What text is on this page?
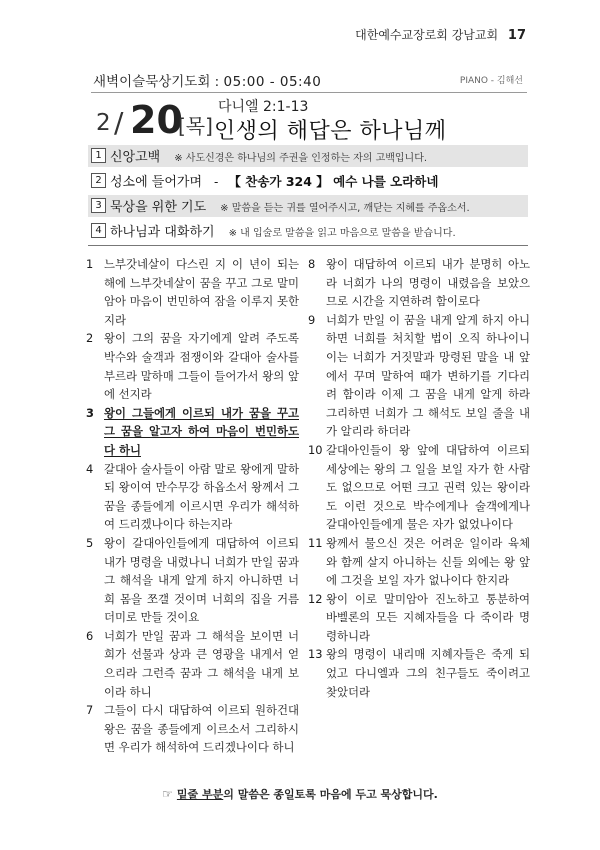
대한예수교장로회 강남교회 17
새벽이슬묵상기도회 : 05:00 - 05:40	PIANO - 김해선
2 / 20
[목]
다니엘 2:1-13
인생의 해답은 하나님께
1 신앙고백 ※ 사도신경은 하나님의 주권을 인정하는 자의 고백입니다.
2 성소에 들어가며 - 【 찬송가 324 】 예수 나를 오라하네
3 묵상을 위한 기도 ※ 말씀을 듣는 귀를 열어주시고, 깨닫는 지혜를 주옵소서.
4 하나님과 대화하기 ※ 내 입술로 말씀을 읽고 마음으로 말씀을 받습니다.
1 느부갓네살이 다스린 지 이 년이 되는 해에 느부갓네살이 꿈을 꾸고 그로 말미암아 마음이 번민하여 잠을 이루지 못한지라
2 왕이 그의 꿈을 자기에게 알려 주도록 박수와 술객과 점쟁이와 갈대아 술사를 부르라 말하매 그들이 들어가서 왕의 앞에 선지라
3 왕이 그들에게 이르되 내가 꿈을 꾸고 그 꿈을 알고자 하여 마음이 번민하도다 하니
4 갈대아 술사들이 아람 말로 왕에게 말하되 왕이여 만수무강 하옵소서 왕께서 그 꿈을 종들에게 이르시면 우리가 해석하여 드리겠나이다 하는지라
5 왕이 갈대아인들에게 대답하여 이르되 내가 명령을 내렸나니 너희가 만일 꿈과 그 해석을 내게 알게 하지 아니하면 너희 몸을 쪼갤 것이며 너희의 집을 거름더미로 만들 것이요
6 너희가 만일 꿈과 그 해석을 보이면 너희가 선물과 상과 큰 영광을 내게서 얻으리라 그런즉 꿈과 그 해석을 내게 보이라 하니
7 그들이 다시 대답하여 이르되 원하건대 왕은 꿈을 종들에게 이르소서 그리하시면 우리가 해석하여 드리겠나이다 하니
8 왕이 대답하여 이르되 내가 분명히 아노라 너희가 나의 명령이 내렸음을 보았으므로 시간을 지연하려 함이로다
9 너희가 만일 이 꿈을 내게 알게 하지 아니하면 너희를 처치할 법이 오직 하나이니 이는 너희가 거짓말과 망령된 말을 내 앞에서 꾸며 말하여 때가 변하기를 기다리려 함이라 이제 그 꿈을 내게 알게 하라 그리하면 너희가 그 해석도 보일 줄을 내가 알리라 하더라
10 갈대아인들이 왕 앞에 대답하여 이르되 세상에는 왕의 그 일을 보일 자가 한 사람도 없으므로 어떤 크고 권력 있는 왕이라도 이런 것으로 박수에게나 술객에게나 갈대아인들에게 물은 자가 없었나이다
11 왕께서 물으신 것은 어려운 일이라 육체와 함께 살지 아니하는 신들 외에는 왕 앞에 그것을 보일 자가 없나이다 한지라
12 왕이 이로 말미암아 진노하고 통분하여 바벨론의 모든 지혜자들을 다 죽이라 명령하니라
13 왕의 명령이 내리매 지혜자들은 죽게 되었고 다니엘과 그의 친구들도 죽이려고 찾았더라
☞ 밑줄 부분의 말씀은 종일토록 마음에 두고 묵상합니다.
